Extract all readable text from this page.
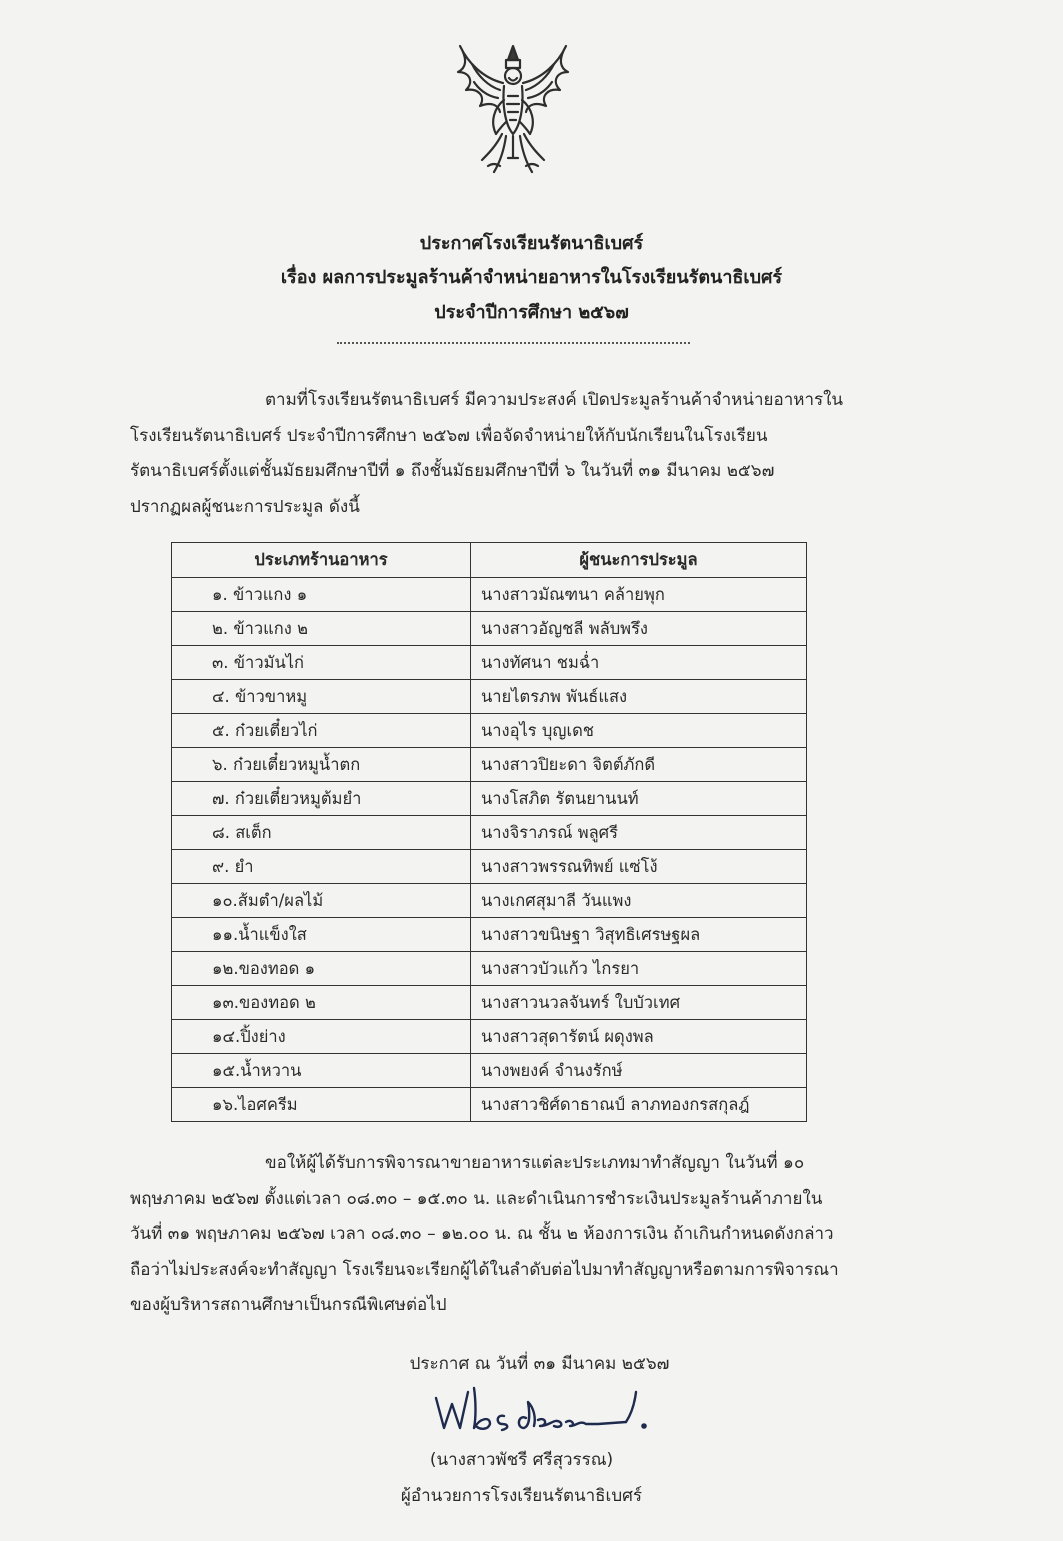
ประกาศโรงเรียนรัตนาธิเบศร์
เรื่อง ผลการประมูลร้านค้าจำหน่ายอาหารในโรงเรียนรัตนาธิเบศร์
ประจำปีการศึกษา ๒๕๖๗
ตามที่โรงเรียนรัตนาธิเบศร์ มีความประสงค์ เปิดประมูลร้านค้าจำหน่ายอาหารใน
โรงเรียนรัตนาธิเบศร์ ประจำปีการศึกษา ๒๕๖๗ เพื่อจัดจำหน่ายให้กับนักเรียนในโรงเรียน
รัตนาธิเบศร์ตั้งแต่ชั้นมัธยมศึกษาปีที่ ๑ ถึงชั้นมัธยมศึกษาปีที่ ๖ ในวันที่ ๓๑ มีนาคม ๒๕๖๗
ปรากฏผลผู้ชนะการประมูล ดังนี้
ประเภทร้านอาหาร	ผู้ชนะการประมูล
๑. ข้าวแกง ๑	นางสาวมัณฑนา คล้ายพุก
๒. ข้าวแกง ๒	นางสาวอัญชลี พลับพรึง
๓. ข้าวมันไก่	นางทัศนา ชมฉ่ำ
๔. ข้าวขาหมู	นายไตรภพ พันธ์แสง
๕. ก๋วยเตี๋ยวไก่	นางอุไร บุญเดช
๖. ก๋วยเตี๋ยวหมูน้ำตก	นางสาวปิยะดา จิตต์ภักดี
๗. ก๋วยเตี๋ยวหมูต้มยำ	นางโสภิต รัตนยานนท์
๘. สเต็ก	นางจิราภรณ์ พลูศรี
๙. ยำ	นางสาวพรรณทิพย์ แซ่โง้
๑๐.ส้มตำ/ผลไม้	นางเกศสุมาลี วันแพง
๑๑.น้ำแข็งใส	นางสาวขนิษฐา วิสุทธิเศรษฐผล
๑๒.ของทอด ๑	นางสาวบัวแก้ว ไกรยา
๑๓.ของทอด ๒	นางสาวนวลจันทร์ ใบบัวเทศ
๑๔.ปิ้งย่าง	นางสาวสุดารัตน์ ผดุงพล
๑๕.น้ำหวาน	นางพยงค์ จำนงรักษ์
๑๖.ไอศครีม	นางสาวชิศ์ดาธาณป์ ลาภทองกรสกุลฎ์
ขอให้ผู้ได้รับการพิจารณาขายอาหารแต่ละประเภทมาทำสัญญา ในวันที่ ๑๐
พฤษภาคม ๒๕๖๗ ตั้งแต่เวลา ๐๘.๓๐ – ๑๕.๓๐ น. และดำเนินการชำระเงินประมูลร้านค้าภายใน
วันที่ ๓๑ พฤษภาคม ๒๕๖๗ เวลา ๐๘.๓๐ – ๑๒.๐๐ น. ณ ชั้น ๒ ห้องการเงิน ถ้าเกินกำหนดดังกล่าว
ถือว่าไม่ประสงค์จะทำสัญญา โรงเรียนจะเรียกผู้ได้ในลำดับต่อไปมาทำสัญญาหรือตามการพิจารณา
ของผู้บริหารสถานศึกษาเป็นกรณีพิเศษต่อไป
ประกาศ ณ วันที่ ๓๑ มีนาคม ๒๕๖๗
(นางสาวพัชรี ศรีสุวรรณ)
ผู้อำนวยการโรงเรียนรัตนาธิเบศร์
